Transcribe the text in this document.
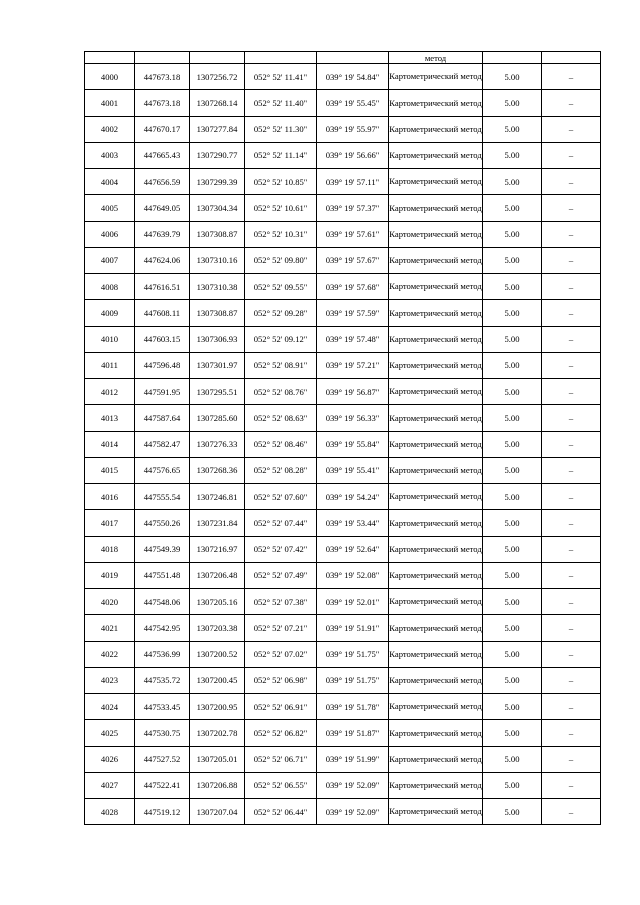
					метод		
4000	447673.18	1307256.72	052° 52' 11.41"	039° 19' 54.84"	Картометрический метод	5.00	–
4001	447673.18	1307268.14	052° 52' 11.40"	039° 19' 55.45"	Картометрический метод	5.00	–
4002	447670.17	1307277.84	052° 52' 11.30"	039° 19' 55.97"	Картометрический метод	5.00	–
4003	447665.43	1307290.77	052° 52' 11.14"	039° 19' 56.66"	Картометрический метод	5.00	–
4004	447656.59	1307299.39	052° 52' 10.85"	039° 19' 57.11"	Картометрический метод	5.00	–
4005	447649.05	1307304.34	052° 52' 10.61"	039° 19' 57.37"	Картометрический метод	5.00	–
4006	447639.79	1307308.87	052° 52' 10.31"	039° 19' 57.61"	Картометрический метод	5.00	–
4007	447624.06	1307310.16	052° 52' 09.80"	039° 19' 57.67"	Картометрический метод	5.00	–
4008	447616.51	1307310.38	052° 52' 09.55"	039° 19' 57.68"	Картометрический метод	5.00	–
4009	447608.11	1307308.87	052° 52' 09.28"	039° 19' 57.59"	Картометрический метод	5.00	–
4010	447603.15	1307306.93	052° 52' 09.12"	039° 19' 57.48"	Картометрический метод	5.00	–
4011	447596.48	1307301.97	052° 52' 08.91"	039° 19' 57.21"	Картометрический метод	5.00	–
4012	447591.95	1307295.51	052° 52' 08.76"	039° 19' 56.87"	Картометрический метод	5.00	–
4013	447587.64	1307285.60	052° 52' 08.63"	039° 19' 56.33"	Картометрический метод	5.00	–
4014	447582.47	1307276.33	052° 52' 08.46"	039° 19' 55.84"	Картометрический метод	5.00	–
4015	447576.65	1307268.36	052° 52' 08.28"	039° 19' 55.41"	Картометрический метод	5.00	–
4016	447555.54	1307246.81	052° 52' 07.60"	039° 19' 54.24"	Картометрический метод	5.00	–
4017	447550.26	1307231.84	052° 52' 07.44"	039° 19' 53.44"	Картометрический метод	5.00	–
4018	447549.39	1307216.97	052° 52' 07.42"	039° 19' 52.64"	Картометрический метод	5.00	–
4019	447551.48	1307206.48	052° 52' 07.49"	039° 19' 52.08"	Картометрический метод	5.00	–
4020	447548.06	1307205.16	052° 52' 07.38"	039° 19' 52.01"	Картометрический метод	5.00	–
4021	447542.95	1307203.38	052° 52' 07.21"	039° 19' 51.91"	Картометрический метод	5.00	–
4022	447536.99	1307200.52	052° 52' 07.02"	039° 19' 51.75"	Картометрический метод	5.00	–
4023	447535.72	1307200.45	052° 52' 06.98"	039° 19' 51.75"	Картометрический метод	5.00	–
4024	447533.45	1307200.95	052° 52' 06.91"	039° 19' 51.78"	Картометрический метод	5.00	–
4025	447530.75	1307202.78	052° 52' 06.82"	039° 19' 51.87"	Картометрический метод	5.00	–
4026	447527.52	1307205.01	052° 52' 06.71"	039° 19' 51.99"	Картометрический метод	5.00	–
4027	447522.41	1307206.88	052° 52' 06.55"	039° 19' 52.09"	Картометрический метод	5.00	–
4028	447519.12	1307207.04	052° 52' 06.44"	039° 19' 52.09"	Картометрический метод	5.00	–
